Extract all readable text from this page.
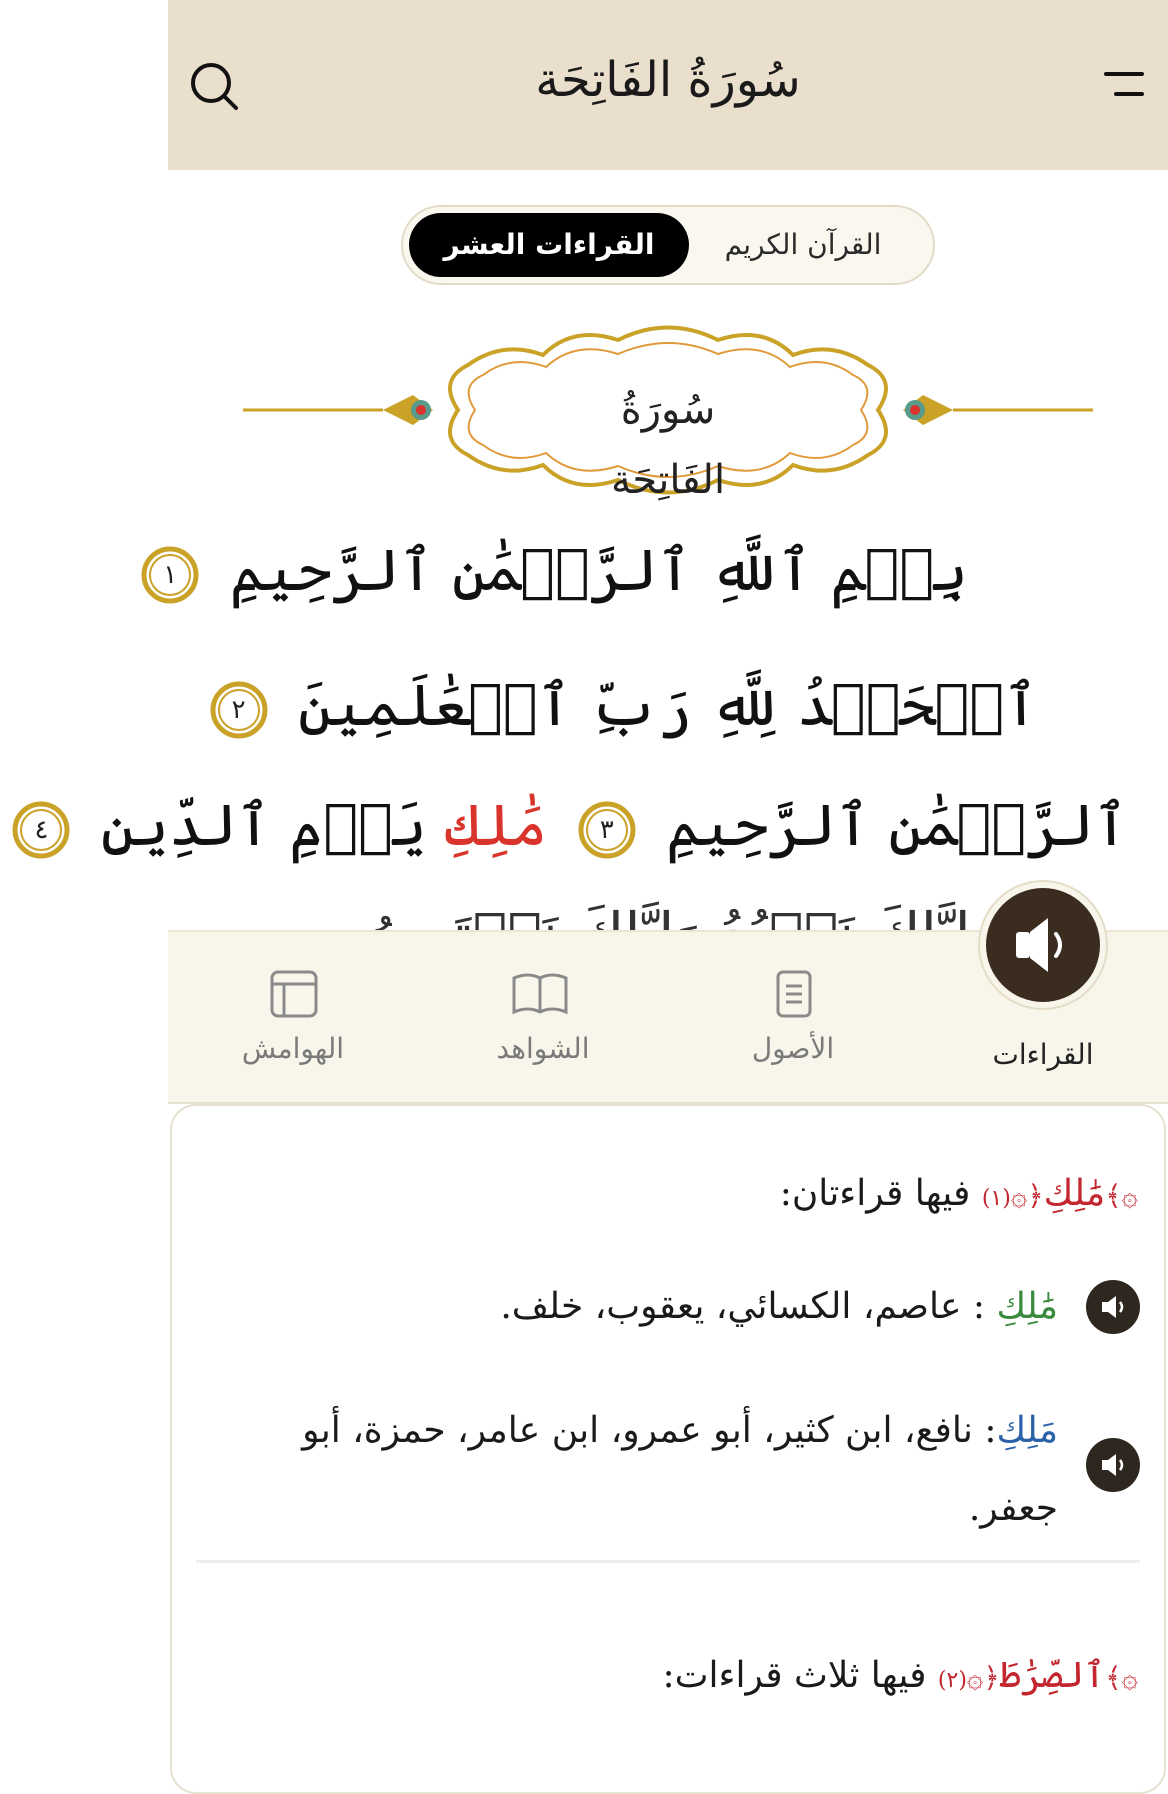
سُورَةُ الفَاتِحَة
القراءات العشر	القرآن الكريم
سُورَةُ الفَاتِحَة
بِسۡمِ ٱللَّهِ ٱلرَّحۡمَٰنِ ٱلرَّحِيمِ
١
ٱلۡحَمۡدُ لِلَّهِ رَبِّ ٱلۡعَٰلَمِينَ
٢
ٱلرَّحۡمَٰنِ ٱلرَّحِيمِ
٣
مَٰلِكِ يَوۡمِ ٱلدِّينِ
٤
القراءات
الأصول
الشواهد
الهوامش
۞﴾مَٰلِكِ﴿۞(١) فيها قراءتان:
مَٰلِكِ : عاصم، الكسائي، يعقوب، خلف.
مَلِكِ: نافع، ابن كثير، أبو عمرو، ابن عامر، حمزة، أبو
جعفر.
۞﴾ٱلصِّرَٰطَ﴿۞(٢) فيها ثلاث قراءات:
